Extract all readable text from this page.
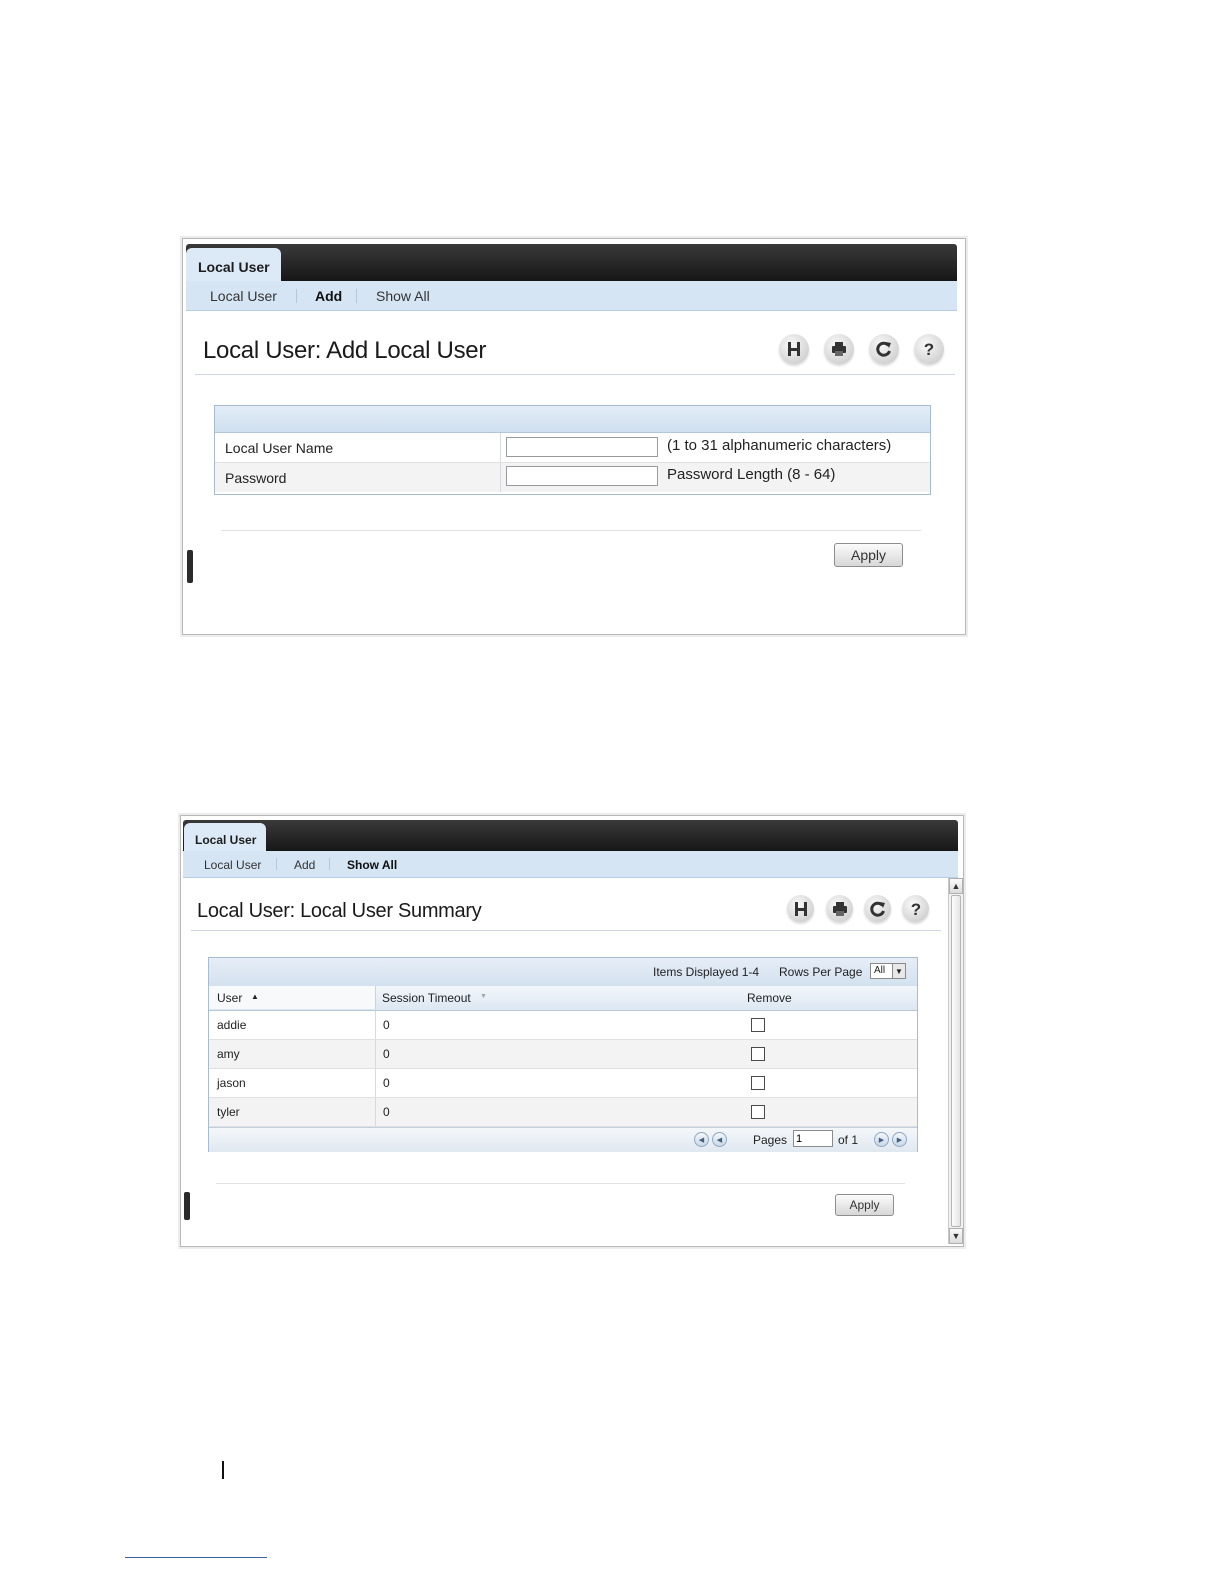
Local User
Local User	Add Show All
Local User: Add Local User	?
Local User Name	(1 to 31 alphanumeric characters)
Password	Password Length (8 - 64)
Apply
Local User
Local User	Add	Show All
Local User: Local User Summary	?
Items Displayed 1-4 Rows Per Page All	▼
User ▲	Session Timeout ▼	Remove
addie	0
amy	0
jason	0
tyler	0
◀	◀	Pages
1	of 1	▶	▶
Apply
▲
▼
